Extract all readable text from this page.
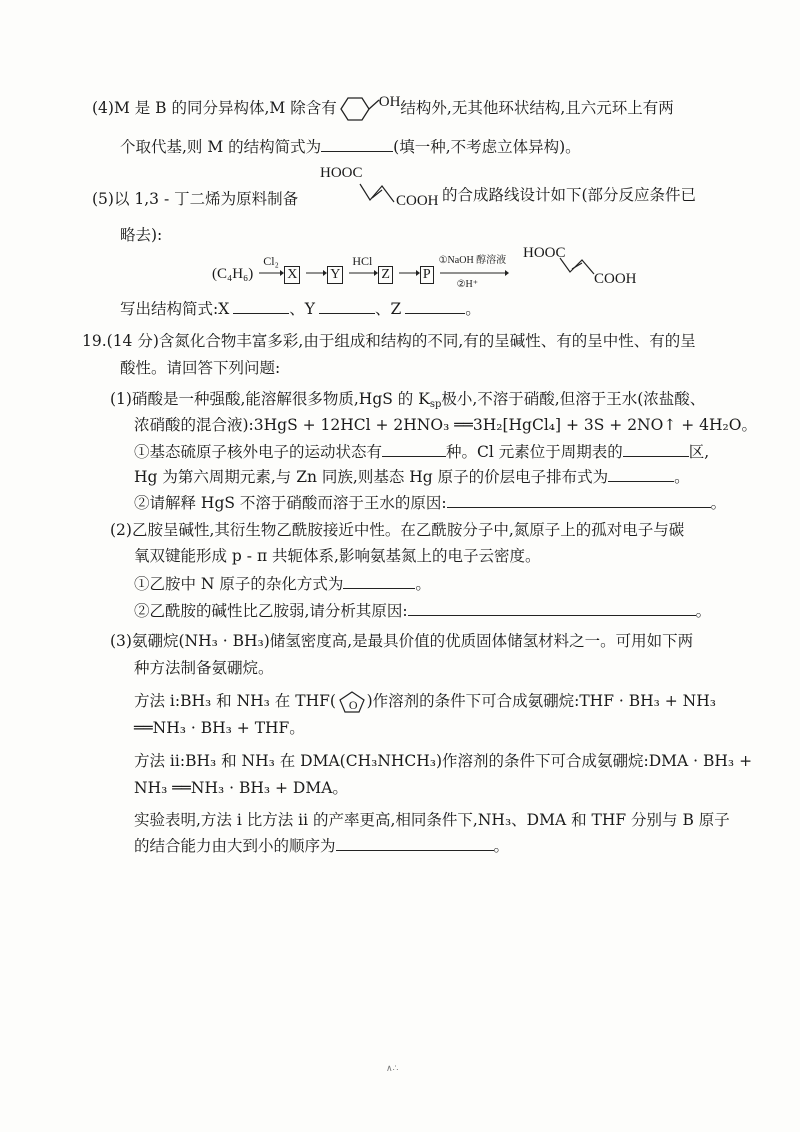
(4)M 是 B 的同分异构体,M 除含有	OH结构外,无其他环状结构,且六元环上有两
个取代基,则 M 的结构简式为	(填一种,不考虑立体异构)。
(5)以 1,3 - 丁二烯为原料制备
HOOC
COOH 的合成路线设计如下(部分反应条件已
略去):
(C₄H₆)
Cl₂
X Y
HCl
Z P
①NaOH 醇溶液
②H⁺
HOOC
COOH
写出结构简式:X	、Y	、Z	。
19.(14 分)含氮化合物丰富多彩,由于组成和结构的不同,有的呈碱性、有的呈中性、有的呈
酸性。请回答下列问题:
(1)硝酸是一种强酸,能溶解很多物质,HgS 的 $K_{sp}$极小,不溶于硝酸,但溶于王水(浓盐酸、
浓硝酸的混合液):3HgS + 12HCl + 2HNO₃ ══3H₂[HgCl₄] + 3S + 2NO↑ + 4H₂O。
①基态硫原子核外电子的运动状态有	种。Cl 元素位于周期表的	区,
Hg 为第六周期元素,与 Zn 同族,则基态 Hg 原子的价层电子排布式为	。
②请解释 HgS 不溶于硝酸而溶于王水的原因:	。
(2)乙胺呈碱性,其衍生物乙酰胺接近中性。在乙酰胺分子中,氮原子上的孤对电子与碳
氧双键能形成 p - π 共轭体系,影响氨基氮上的电子云密度。
①乙胺中 N 原子的杂化方式为	。
②乙酰胺的碱性比乙胺弱,请分析其原因:	。
(3)氨硼烷(NH₃ · BH₃)储氢密度高,是最具价值的优质固体储氢材料之一。可用如下两
种方法制备氨硼烷。
方法 ⅰ:BH₃ 和 NH₃ 在 THF( O )作溶剂的条件下可合成氨硼烷:THF · BH₃ + NH₃
══NH₃ · BH₃ + THF。
方法 ⅱ:BH₃ 和 NH₃ 在 DMA(CH₃NHCH₃)作溶剂的条件下可合成氨硼烷:DMA · BH₃ +
NH₃ ══NH₃ · BH₃ + DMA。
实验表明,方法 ⅰ 比方法 ⅱ 的产率更高,相同条件下,NH₃、DMA 和 THF 分别与 B 原子
的结合能力由大到小的顺序为	。
∧∴
